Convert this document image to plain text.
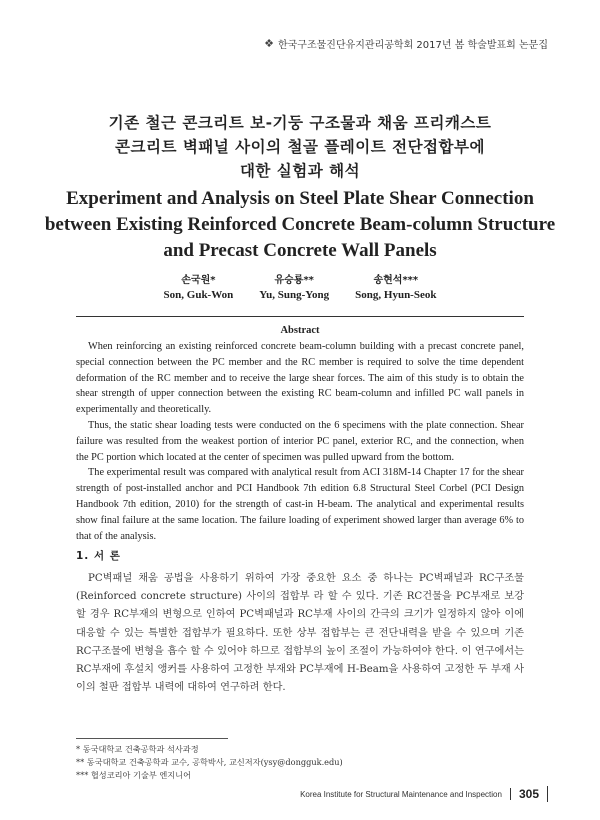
❖ 한국구조물진단유지관리공학회 2017년 봄 학술발표회 논문집
기존 철근 콘크리트 보-기둥 구조물과 채움 프리캐스트
콘크리트 벽패널 사이의 철골 플레이트 전단접합부에
대한 실험과 해석
Experiment and Analysis on Steel Plate Shear Connection
between Existing Reinforced Concrete Beam-column Structure
and Precast Concrete Wall Panels
손국원*
Son, Guk-Won
유승룡**
Yu, Sung-Yong
송현석***
Song, Hyun-Seok
Abstract

When reinforcing an existing reinforced concrete beam-column building with a precast concrete panel, special connection between the PC member and the RC member is required to solve the time dependent deformation of the RC member and to receive the large shear forces. The aim of this study is to obtain the shear strength of upper connection between the existing RC beam-column and infilled PC wall panels in experimentally and theoretically.

Thus, the static shear loading tests were conducted on the 6 specimens with the plate connection. Shear failure was resulted from the weakest portion of interior PC panel, exterior RC, and the connection, when the PC portion which located at the center of specimen was pulled upward from the bottom.

The experimental result was compared with analytical result from ACI 318M-14 Chapter 17 for the shear strength of post-installed anchor and PCI Handbook 7th edition 6.8 Structural Steel Corbel (PCI Design Handbook 7th edition, 2010) for the strength of cast-in H-beam. The analytical and experimental results show final failure at the same location. The failure loading of experiment showed larger than average 6% to that of the analysis.

1. 서 론

PC벽패널 채움 공법을 사용하기 위하여 가장 중요한 요소 중 하나는 PC벽패널과 RC구조물(Reinforced concrete structure) 사이의 접합부 라 할 수 있다. 기존 RC건물을 PC부재로 보강 할 경우 RC부재의 변형으로 인하여 PC벽패널과 RC부재 사이의 간극의 크기가 일정하지 않아 이에 대응할 수 있는 특별한 접합부가 필요하다. 또한 상부 접합부는 큰 전단내력을 받을 수 있으며 기존 RC구조물에 변형을 흡수 할 수 있어야 하므로 접합부의 높이 조절이 가능하여야 한다. 이 연구에서는 RC부재에 후설치 앵커를 사용하여 고정한 부재와 PC부재에 H-Beam을 사용하여 고정한 두 부재 사이의 철판 접합부 내력에 대하여 연구하려 한다.

* 동국대학교 건축공학과 석사과정
** 동국대학교 건축공학과 교수, 공학박사, 교신저자(ysy@dongguk.edu)
*** 협성코리아 기술부 엔지니어
Korea Institute for Structural Maintenance and Inspection 305
